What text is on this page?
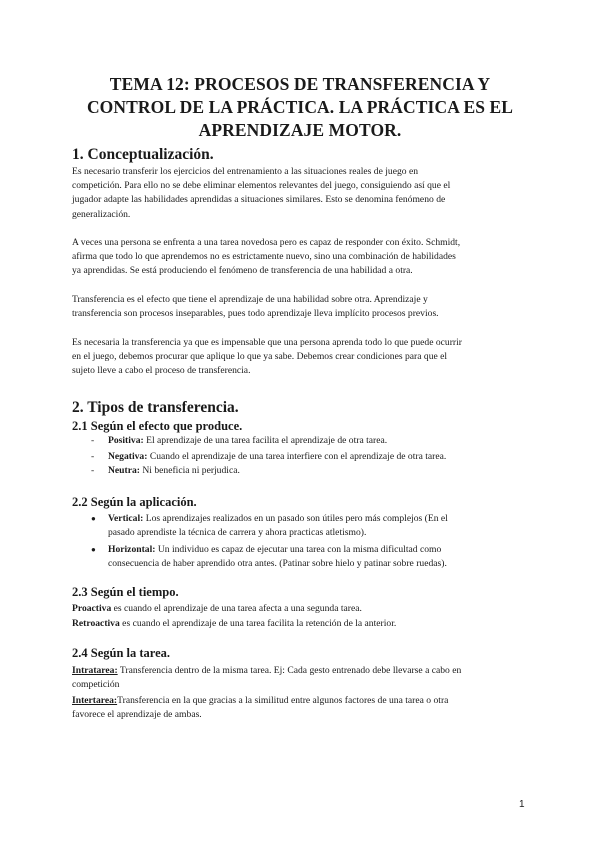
TEMA 12: PROCESOS DE TRANSFERENCIA Y
CONTROL DE LA PRÁCTICA. LA PRÁCTICA ES EL
APRENDIZAJE MOTOR.
1. Conceptualización.
Es necesario transferir los ejercicios del entrenamiento a las situaciones reales de juego en
competición. Para ello no se debe eliminar elementos relevantes del juego, consiguiendo así que el
jugador adapte las habilidades aprendidas a situaciones similares. Esto se denomina fenómeno de
generalización.
A veces una persona se enfrenta a una tarea novedosa pero es capaz de responder con éxito. Schmidt,
afirma que todo lo que aprendemos no es estrictamente nuevo, sino una combinación de habilidades
ya aprendidas. Se está produciendo el fenómeno de transferencia de una habilidad a otra.
Transferencia es el efecto que tiene el aprendizaje de una habilidad sobre otra. Aprendizaje y
transferencia son procesos inseparables, pues todo aprendizaje lleva implícito procesos previos.
Es necesaria la transferencia ya que es impensable que una persona aprenda todo lo que puede ocurrir
en el juego, debemos procurar que aplique lo que ya sabe. Debemos crear condiciones para que el
sujeto lleve a cabo el proceso de transferencia.
2. Tipos de transferencia.
2.1 Según el efecto que produce.
- Positiva: El aprendizaje de una tarea facilita el aprendizaje de otra tarea.
- Negativa: Cuando el aprendizaje de una tarea interfiere con el aprendizaje de otra tarea.
- Neutra: Ni beneficia ni perjudica.
2.2 Según la aplicación.
● Vertical: Los aprendizajes realizados en un pasado son útiles pero más complejos (En el
pasado aprendiste la técnica de carrera y ahora practicas atletismo).
● Horizontal: Un individuo es capaz de ejecutar una tarea con la misma dificultad como
consecuencia de haber aprendido otra antes. (Patinar sobre hielo y patinar sobre ruedas).
2.3 Según el tiempo.
Proactiva es cuando el aprendizaje de una tarea afecta a una segunda tarea.
Retroactiva es cuando el aprendizaje de una tarea facilita la retención de la anterior.
2.4 Según la tarea.
Intratarea: Transferencia dentro de la misma tarea. Ej: Cada gesto entrenado debe llevarse a cabo en
competición
Intertarea:Transferencia en la que gracias a la similitud entre algunos factores de una tarea o otra
favorece el aprendizaje de ambas.
1
